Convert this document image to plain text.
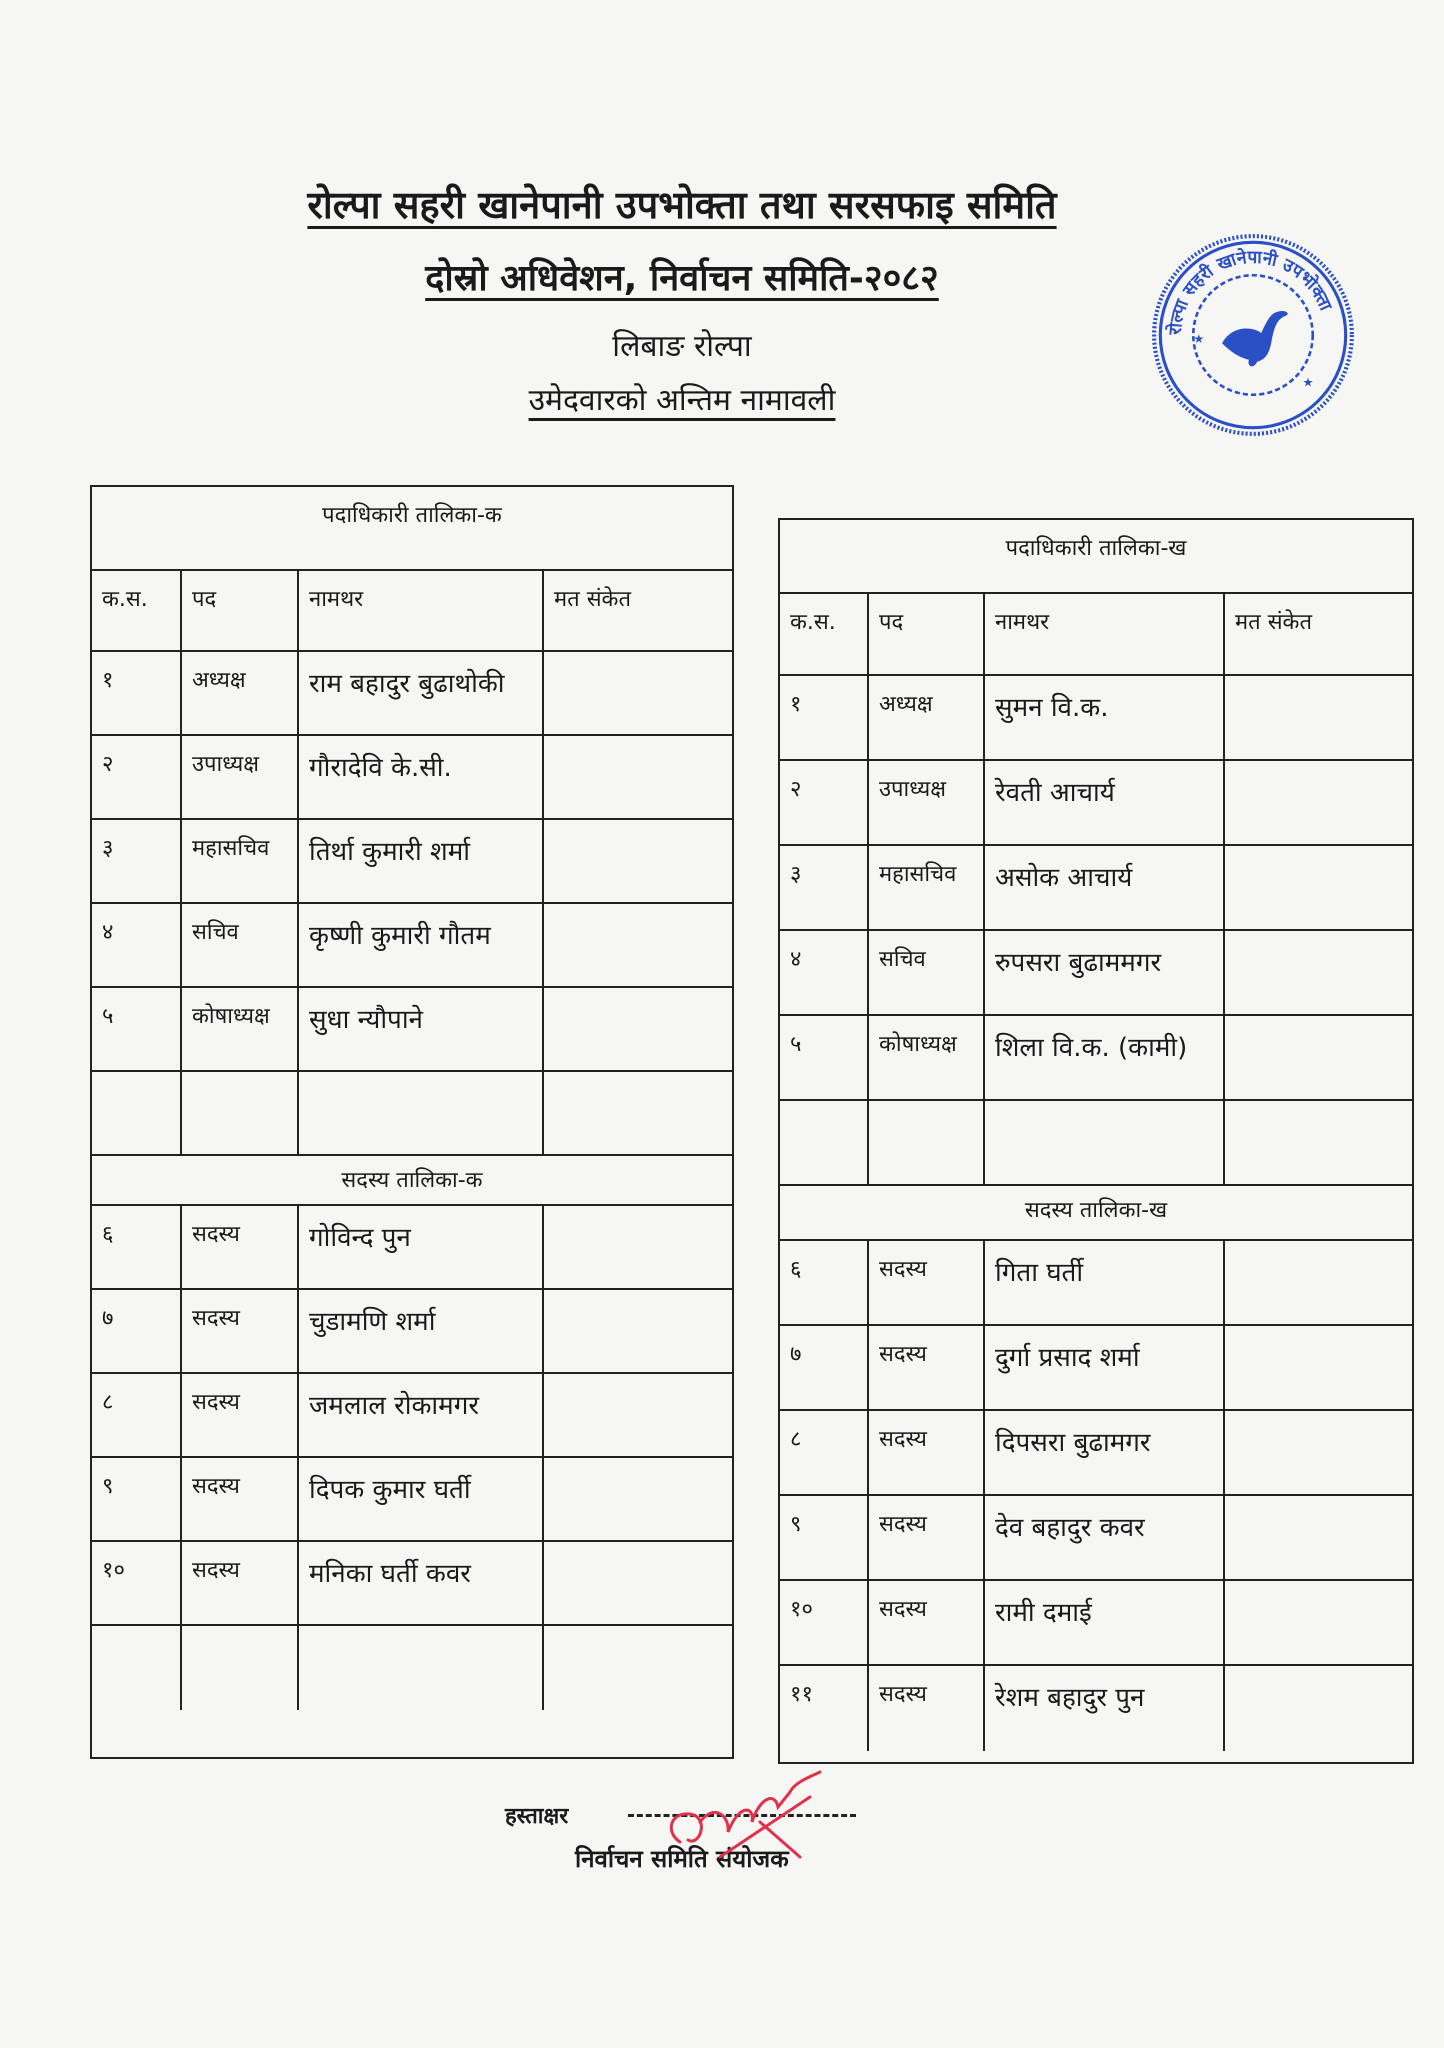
रोल्पा सहरी खानेपानी उपभोक्ता तथा सरसफाइ समिति
दोस्रो अधिवेशन, निर्वाचन समिति-२०८२
लिबाङ रोल्पा
उमेदवारको अन्तिम नामावली
रोल्पा सहरी खानेपानी उपभोक्ता
★
★
पदाधिकारी तालिका-क
क.स.	पद	नामथर	मत संकेत
१	अध्यक्ष	राम बहादुर बुढाथोकी
२	उपाध्यक्ष	गौरादेवि के.सी.
३	महासचिव	तिर्था कुमारी शर्मा
४	सचिव	कृष्णी कुमारी गौतम
५	कोषाध्यक्ष	सुधा न्यौपाने
सदस्य तालिका-क
६	सदस्य	गोविन्द पुन
७	सदस्य	चुडामणि शर्मा
८	सदस्य	जमलाल रोकामगर
९	सदस्य	दिपक कुमार घर्ती
१०	सदस्य	मनिका घर्ती कवर
पदाधिकारी तालिका-ख
क.स.	पद	नामथर	मत संकेत
१	अध्यक्ष	सुमन वि.क.
२	उपाध्यक्ष	रेवती आचार्य
३	महासचिव	असोक आचार्य
४	सचिव	रुपसरा बुढाममगर
५	कोषाध्यक्ष	शिला वि.क. (कामी)
सदस्य तालिका-ख
६	सदस्य	गिता घर्ती
७	सदस्य	दुर्गा प्रसाद शर्मा
८	सदस्य	दिपसरा बुढामगर
९	सदस्य	देव बहादुर कवर
१०	सदस्य	रामी दमाई
११	सदस्य	रेशम बहादुर पुन
हस्ताक्षर
निर्वाचन समिति संयोजक
